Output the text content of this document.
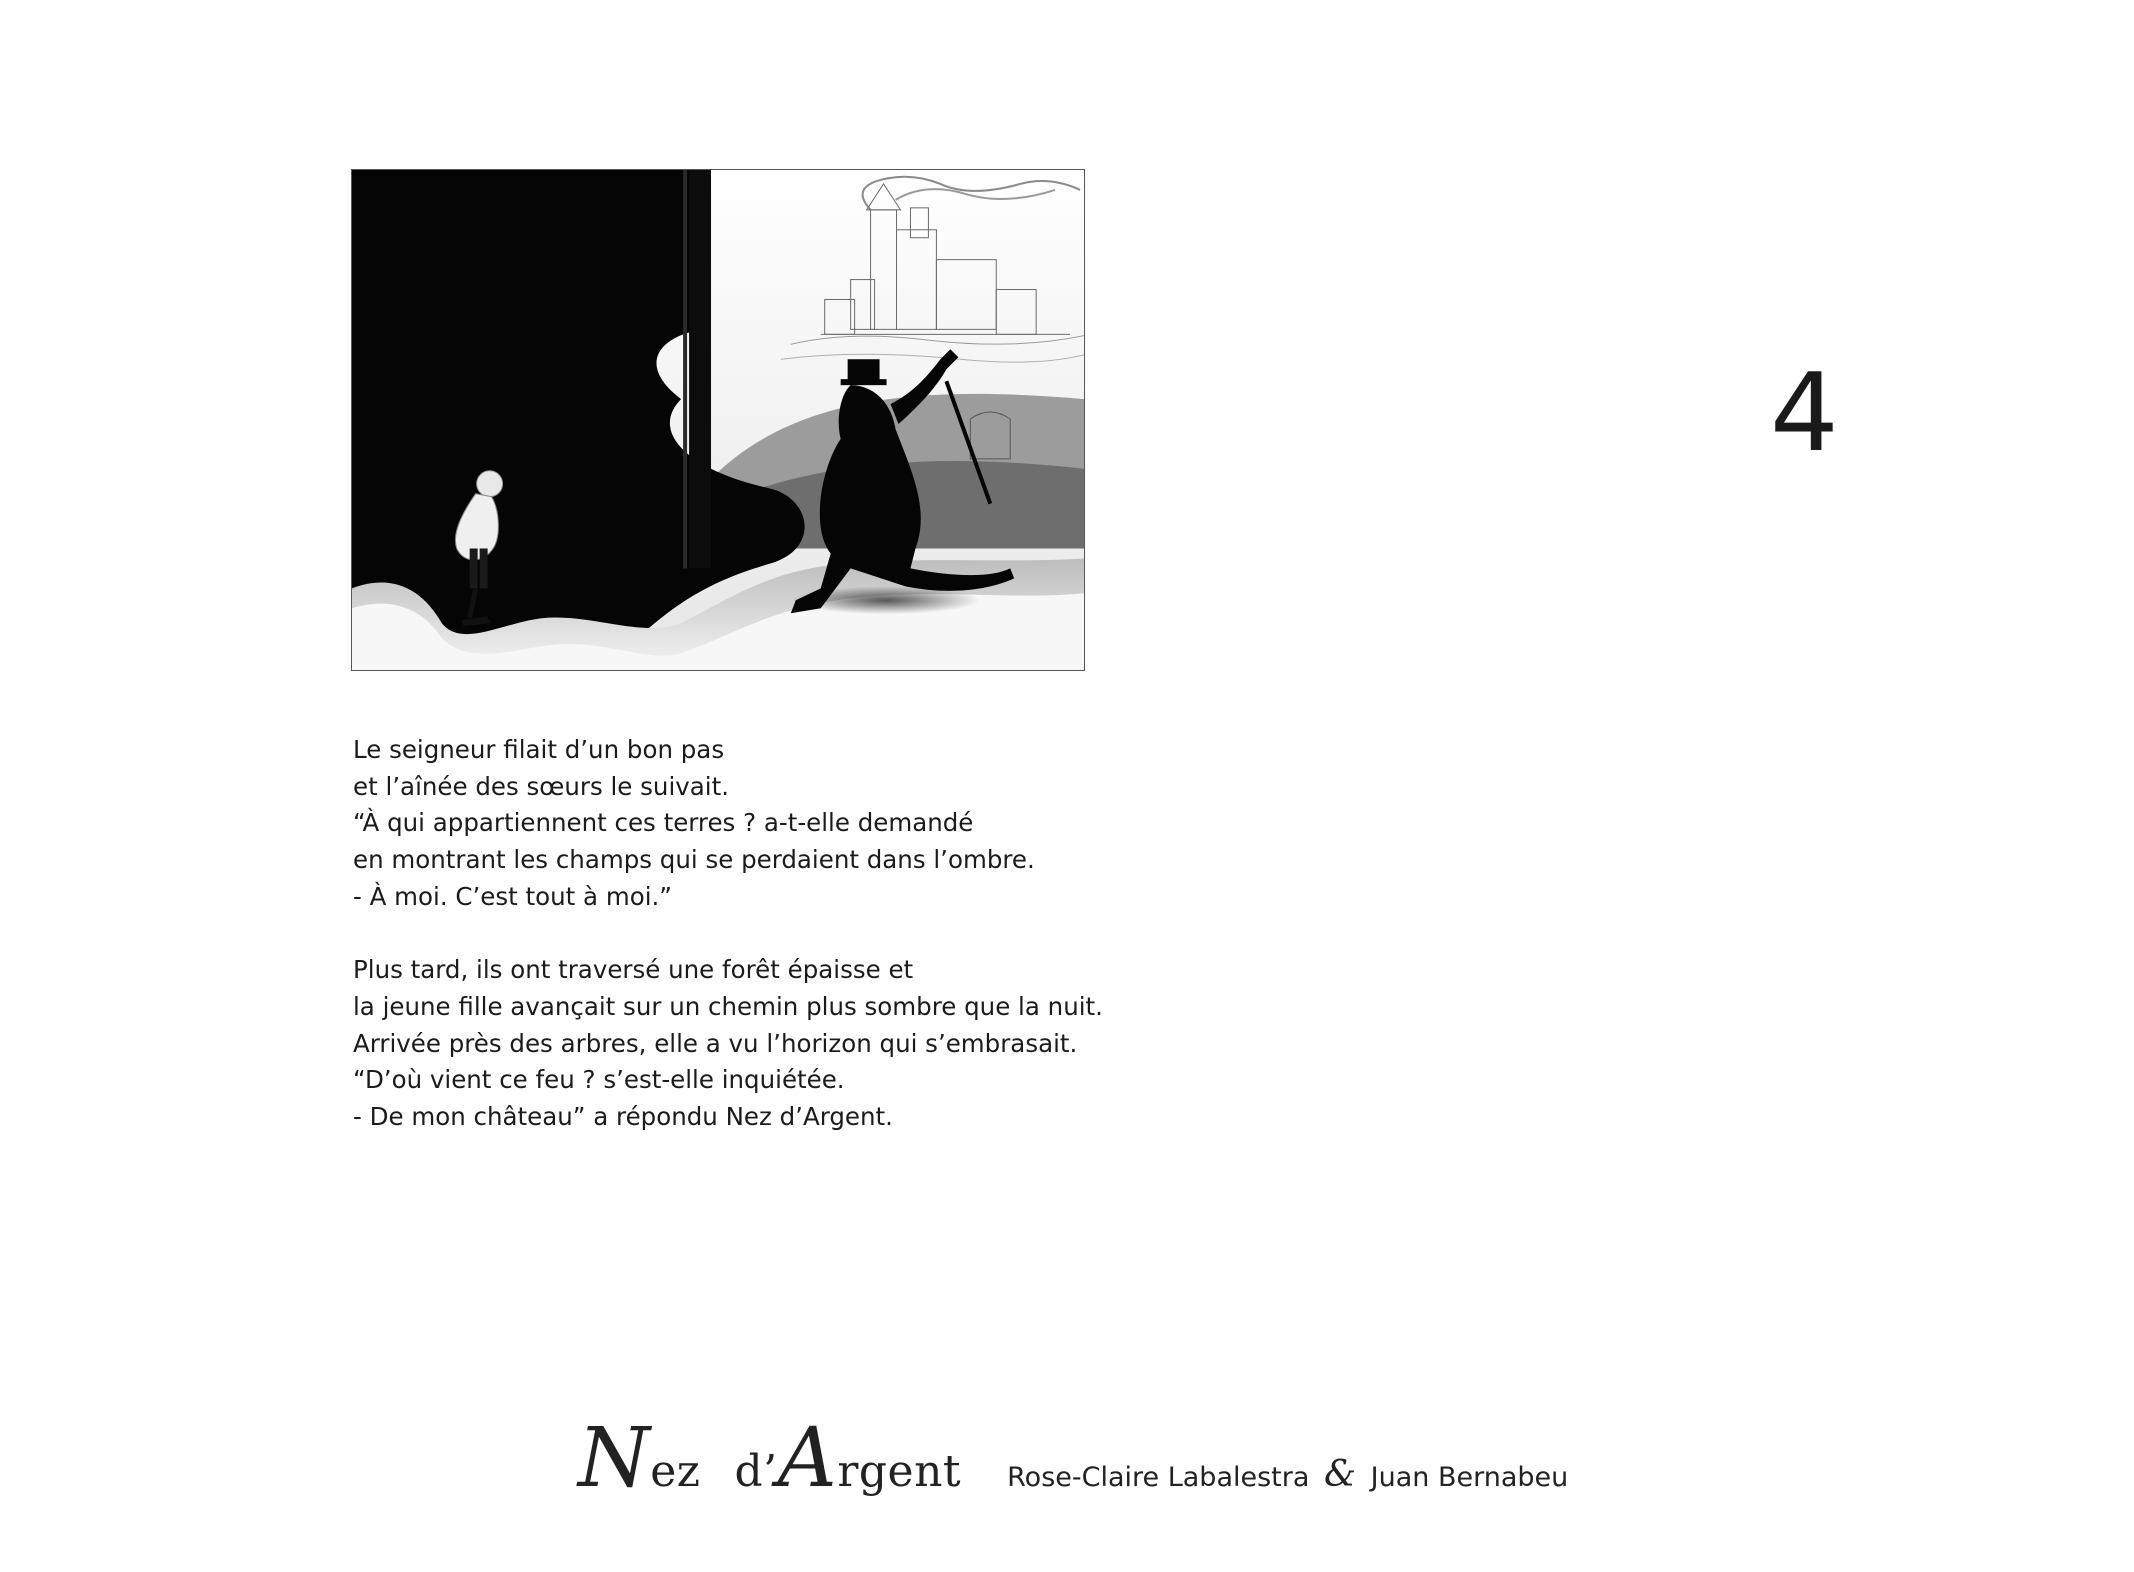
4
Le seigneur filait d’un bon pas
et l’aînée des sœurs le suivait.
“À qui appartiennent ces terres ? a-t-elle demandé
en montrant les champs qui se perdaient dans l’ombre.
- À moi. C’est tout à moi.”
Plus tard, ils ont traversé une forêt épaisse et
la jeune fille avançait sur un chemin plus sombre que la nuit.
Arrivée près des arbres, elle a vu l’horizon qui s’embrasait.
“D’où vient ce feu ? s’est-elle inquiétée.
- De mon château” a répondu Nez d’Argent.
Nez d’Argent Rose-Claire Labalestra & Juan Bernabeu
